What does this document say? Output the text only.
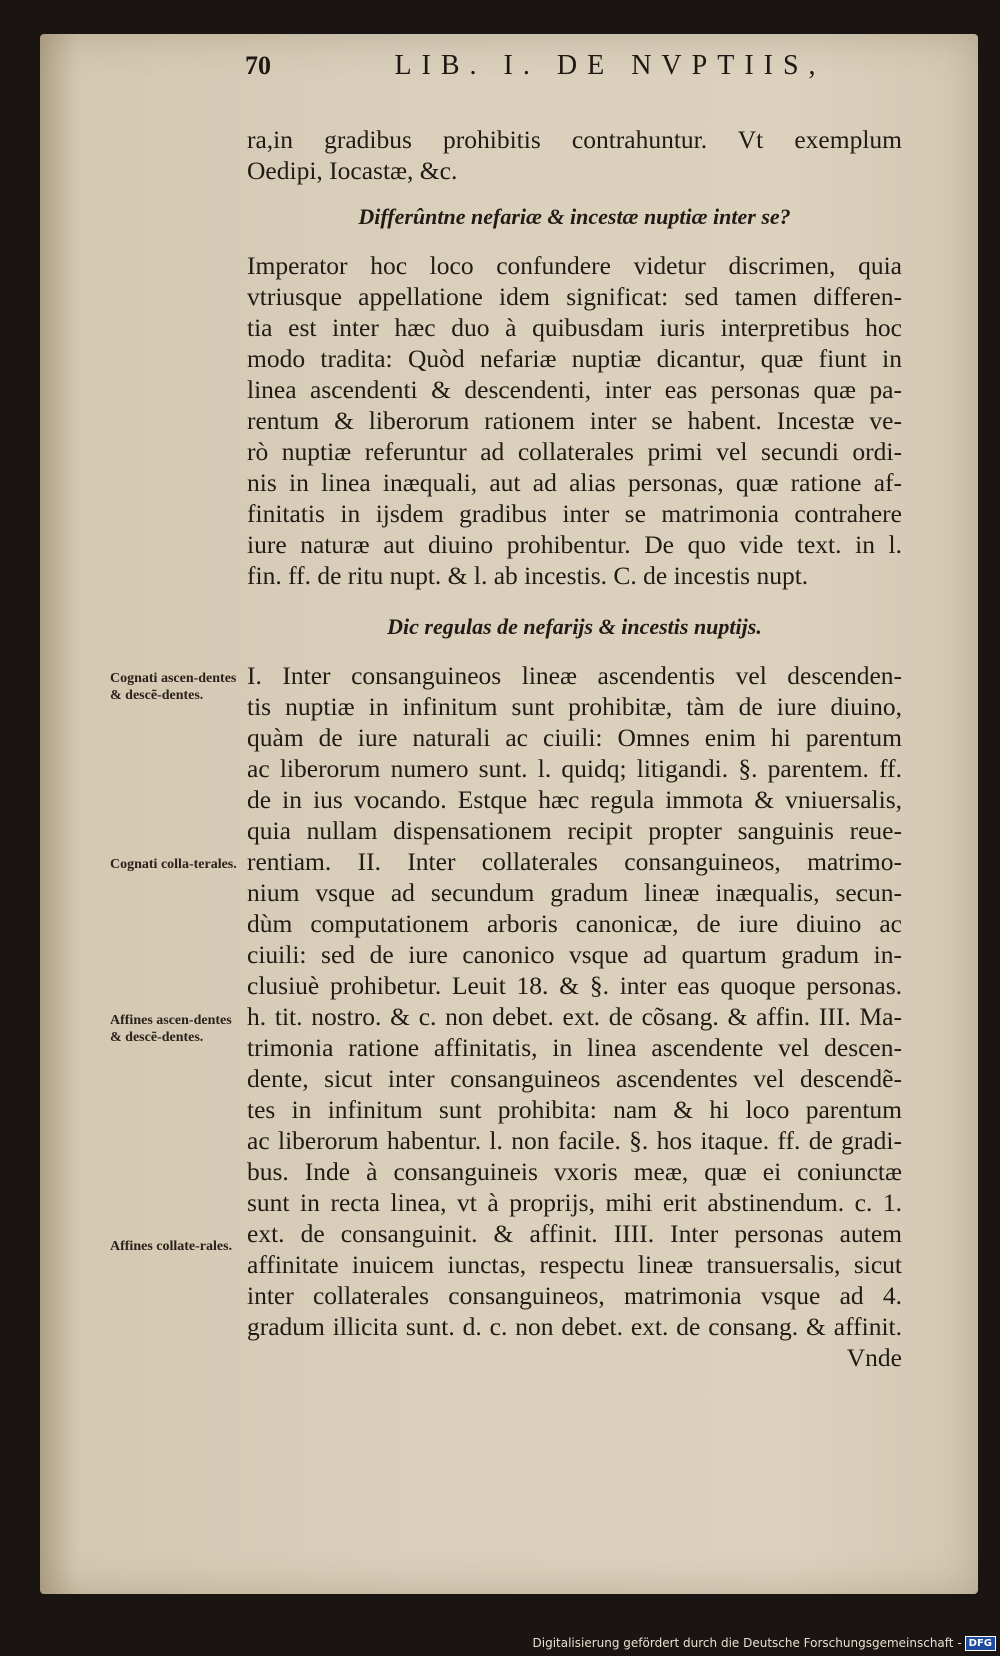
70	LIB. I. DE NVPTIIS,
ra,in gradibus prohibitis contrahuntur. Vt exemplum
Oedipi, Iocastæ, &c.
Differûntne nefariæ & incestæ nuptiæ inter se?
Imperator hoc loco confundere videtur discrimen, quia
vtriusque appellatione idem significat: sed tamen differen-
tia est inter hæc duo à quibusdam iuris interpretibus hoc
modo tradita: Quòd nefariæ nuptiæ dicantur, quæ fiunt in
linea ascendenti & descendenti, inter eas personas quæ pa-
rentum & liberorum rationem inter se habent. Incestæ ve-
rò nuptiæ referuntur ad collaterales primi vel secundi ordi-
nis in linea inæquali, aut ad alias personas, quæ ratione af-
finitatis in ijsdem gradibus inter se matrimonia contrahere
iure naturæ aut diuino prohibentur. De quo vide text. in l.
fin. ff. de ritu nupt. & l. ab incestis. C. de incestis nupt.
Dic regulas de nefarijs & incestis nuptijs.
I. Inter consanguineos lineæ ascendentis vel descenden-
tis nuptiæ in infinitum sunt prohibitæ, tàm de iure diuino,
quàm de iure naturali ac ciuili: Omnes enim hi parentum
ac liberorum numero sunt. l. quidq; litigandi. §. parentem. ff.
de in ius vocando. Estque hæc regula immota & vniuersalis,
quia nullam dispensationem recipit propter sanguinis reue-
rentiam. II. Inter collaterales consanguineos, matrimo-
nium vsque ad secundum gradum lineæ inæqualis, secun-
dùm computationem arboris canonicæ, de iure diuino ac
ciuili: sed de iure canonico vsque ad quartum gradum in-
clusiuè prohibetur. Leuit 18. & §. inter eas quoque personas.
h. tit. nostro. & c. non debet. ext. de cõsang. & affin. III. Ma-
trimonia ratione affinitatis, in linea ascendente vel descen-
dente, sicut inter consanguineos ascendentes vel descendẽ-
tes in infinitum sunt prohibita: nam & hi loco parentum
ac liberorum habentur. l. non facile. §. hos itaque. ff. de gradi-
bus. Inde à consanguineis vxoris meæ, quæ ei coniunctæ
sunt in recta linea, vt à proprijs, mihi erit abstinendum. c. 1.
ext. de consanguinit. & affinit. IIII. Inter personas autem
affinitate inuicem iunctas, respectu lineæ transuersalis, sicut
inter collaterales consanguineos, matrimonia vsque ad 4.
gradum illicita sunt. d. c. non debet. ext. de consang. & affinit.
Vnde
Cognati ascen-dentes & descẽ-dentes.
Cognati colla-terales.
Affines ascen-dentes & descẽ-dentes.
Affines collate-rales.
Digitalisierung gefördert durch die Deutsche Forschungsgemeinschaft - DFG
